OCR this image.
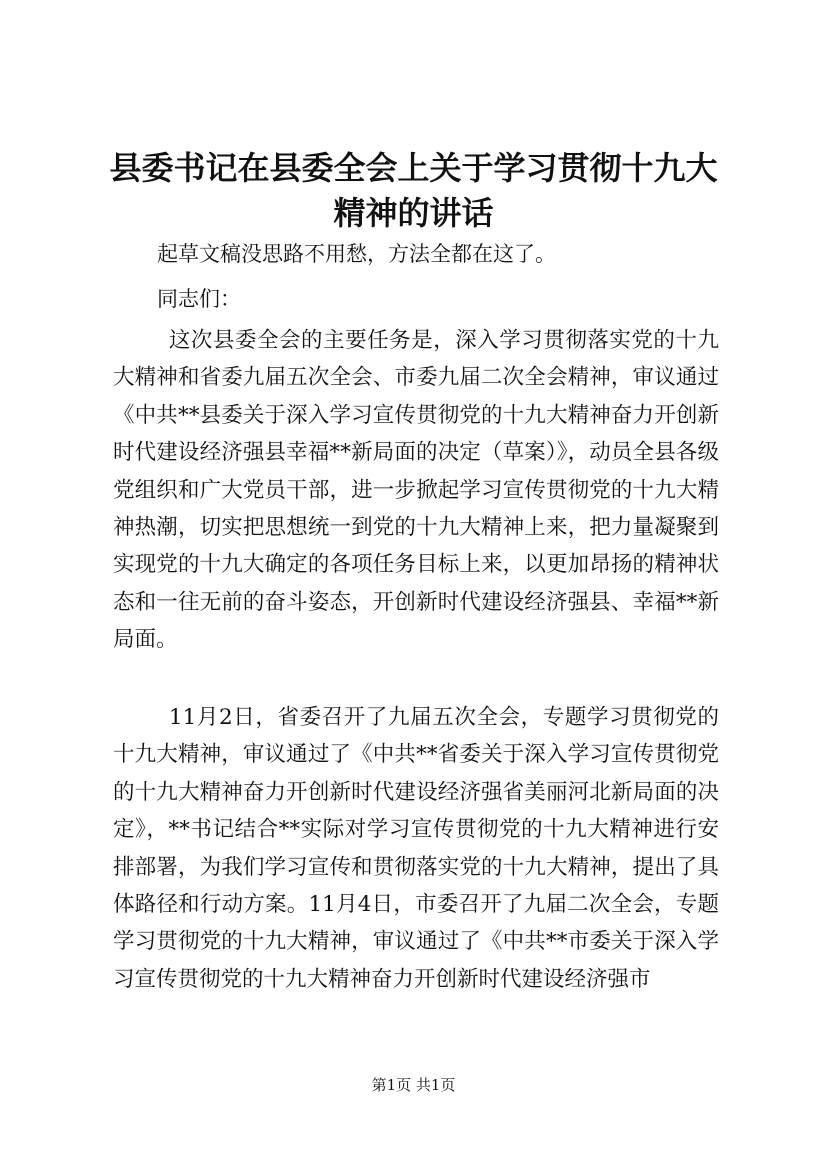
县委书记在县委全会上关于学习贯彻十九大精神的讲话

起草文稿没思路不用愁，方法全都在这了。

同志们：

这次县委全会的主要任务是，深入学习贯彻落实党的十九大精神和省委九届五次全会、市委九届二次全会精神，审议通过《中共**县委关于深入学习宣传贯彻党的十九大精神奋力开创新时代建设经济强县幸福**新局面的决定（草案）》，动员全县各级党组织和广大党员干部，进一步掀起学习宣传贯彻党的十九大精神热潮，切实把思想统一到党的十九大精神上来，把力量凝聚到实现党的十九大确定的各项任务目标上来，以更加昂扬的精神状态和一往无前的奋斗姿态，开创新时代建设经济强县、幸福**新局面。

11月2日，省委召开了九届五次全会，专题学习贯彻党的十九大精神，审议通过了《中共**省委关于深入学习宣传贯彻党的十九大精神奋力开创新时代建设经济强省美丽河北新局面的决定》，**书记结合**实际对学习宣传贯彻党的十九大精神进行安排部署，为我们学习宣传和贯彻落实党的十九大精神，提出了具体路径和行动方案。11月4日，市委召开了九届二次全会，专题学习贯彻党的十九大精神，审议通过了《中共**市委关于深入学习宣传贯彻党的十九大精神奋力开创新时代建设经济强市

第1页 共1页
